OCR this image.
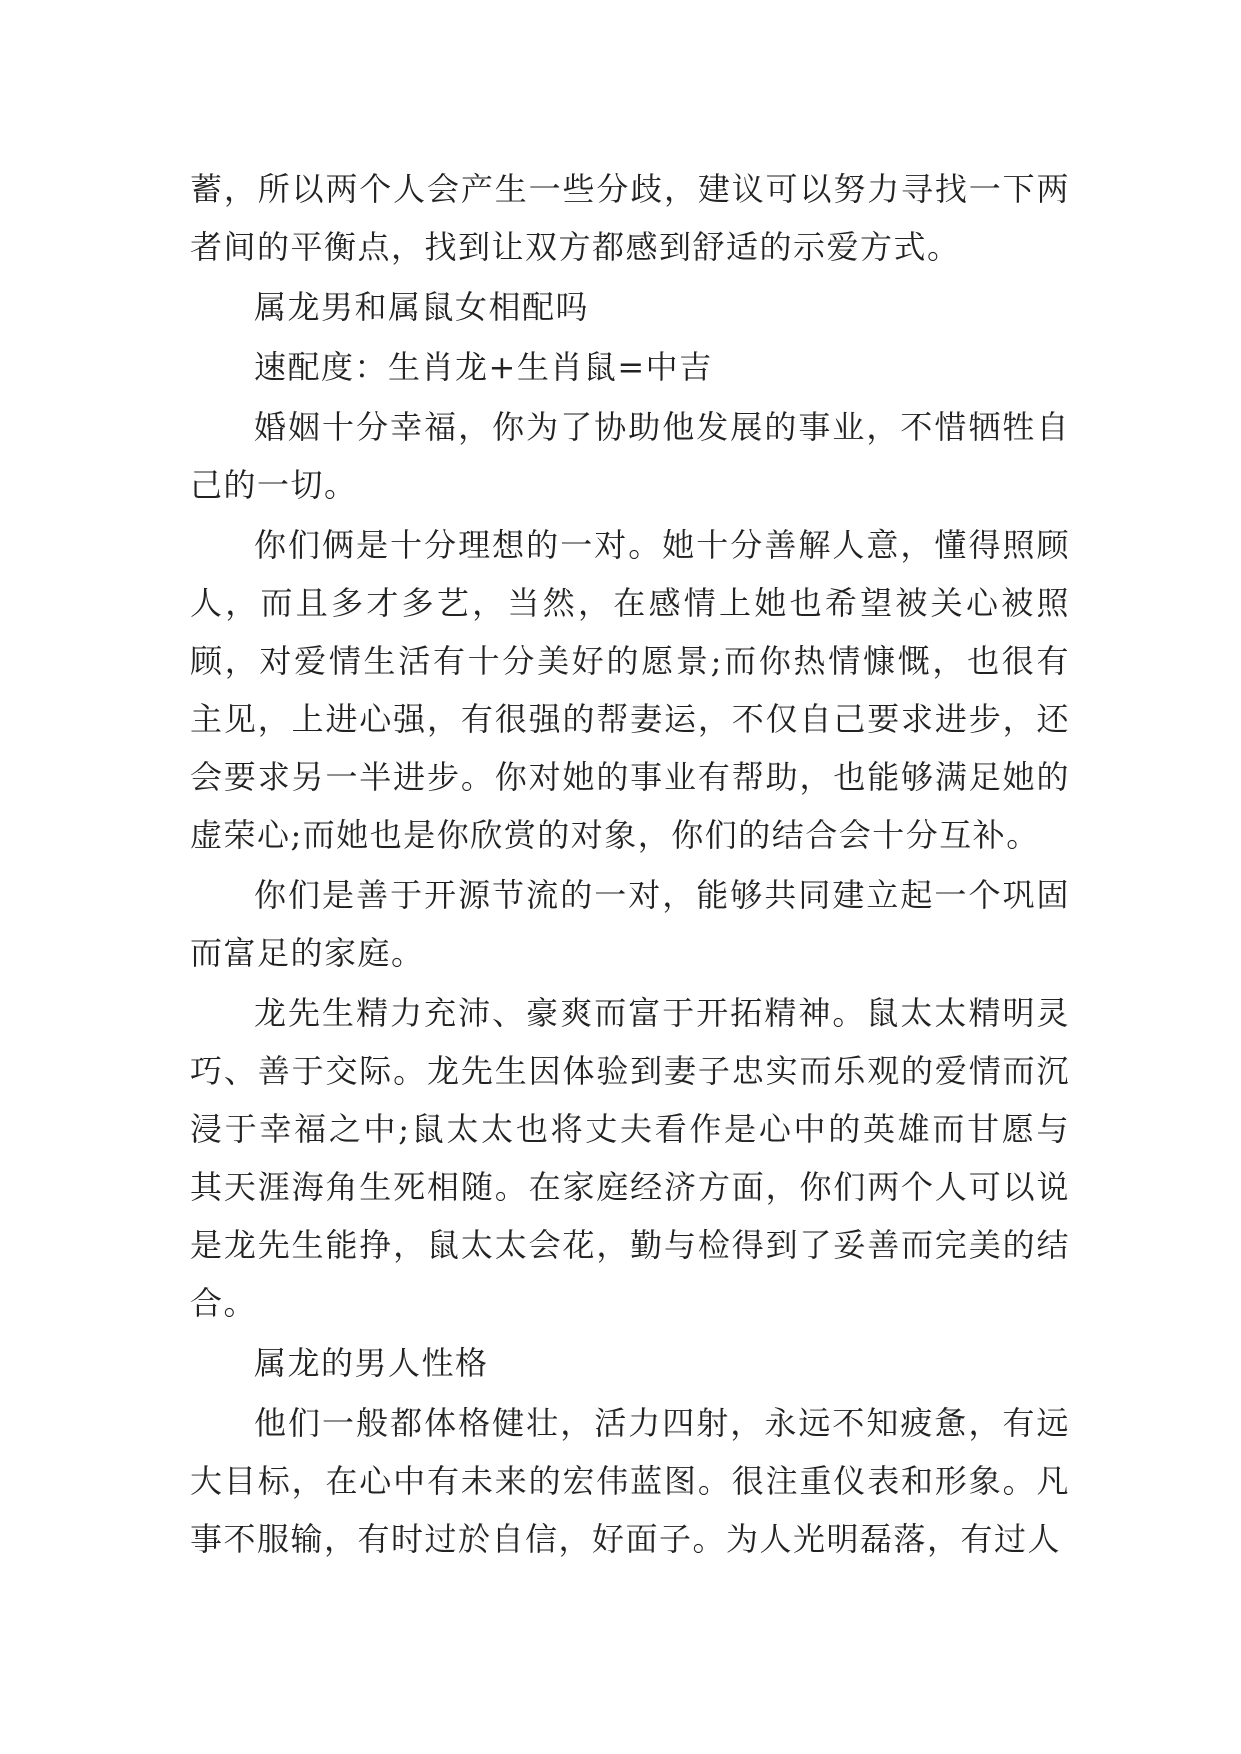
蓄，所以两个人会产生一些分歧，建议可以努力寻找一下两者间的平衡点，找到让双方都感到舒适的示爱方式。

属龙男和属鼠女相配吗

速配度：生肖龙+生肖鼠=中吉

婚姻十分幸福，你为了协助他发展的事业，不惜牺牲自己的一切。

你们俩是十分理想的一对。她十分善解人意，懂得照顾人，而且多才多艺，当然，在感情上她也希望被关心被照顾，对爱情生活有十分美好的愿景;而你热情慷慨，也很有主见，上进心强，有很强的帮妻运，不仅自己要求进步，还会要求另一半进步。你对她的事业有帮助，也能够满足她的虚荣心;而她也是你欣赏的对象，你们的结合会十分互补。

你们是善于开源节流的一对，能够共同建立起一个巩固而富足的家庭。

龙先生精力充沛、豪爽而富于开拓精神。鼠太太精明灵巧、善于交际。龙先生因体验到妻子忠实而乐观的爱情而沉浸于幸福之中;鼠太太也将丈夫看作是心中的英雄而甘愿与其天涯海角生死相随。在家庭经济方面，你们两个人可以说是龙先生能挣，鼠太太会花，勤与检得到了妥善而完美的结合。

属龙的男人性格

他们一般都体格健壮，活力四射，永远不知疲惫，有远大目标，在心中有未来的宏伟蓝图。很注重仪表和形象。凡事不服输，有时过於自信，好面子。为人光明磊落，有过人
